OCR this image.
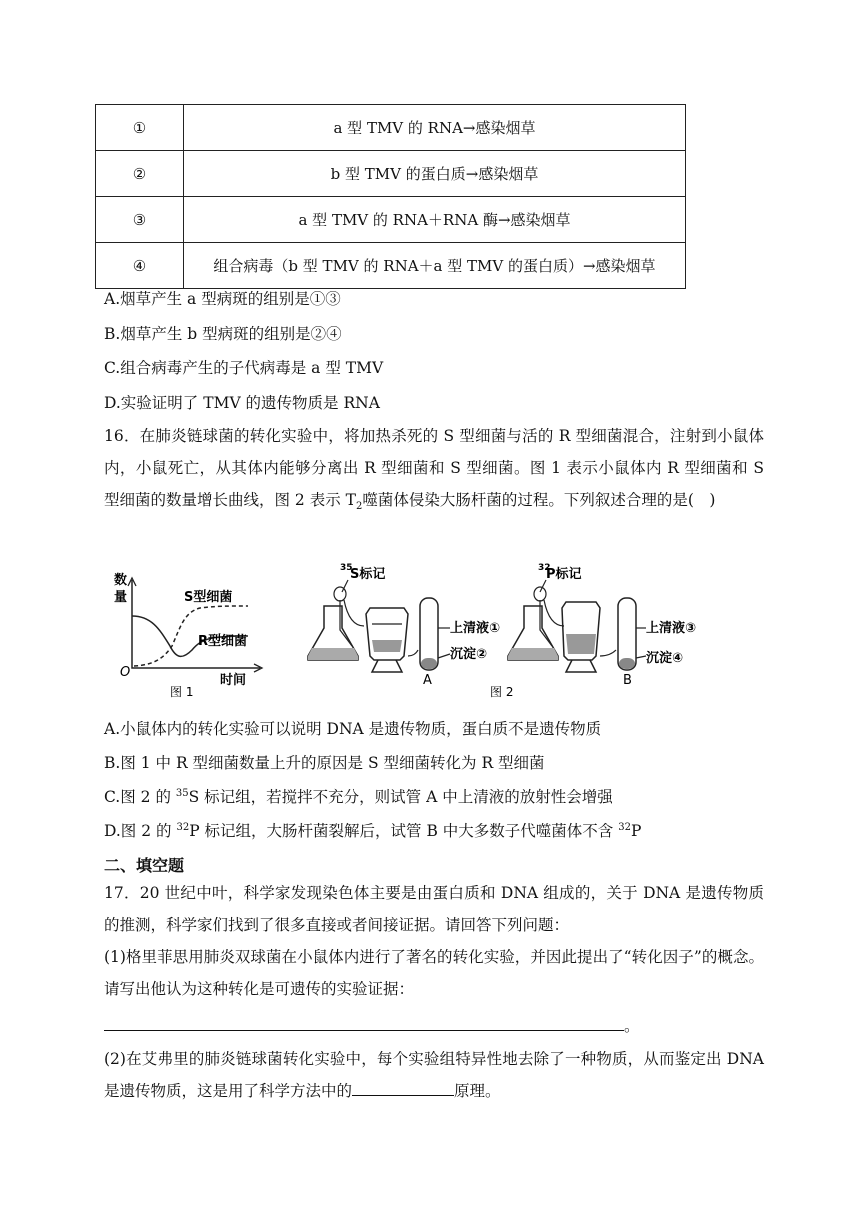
①	a 型 TMV 的 RNA→感染烟草
②	b 型 TMV 的蛋白质→感染烟草
③	a 型 TMV 的 RNA＋RNA 酶→感染烟草
④	组合病毒（b 型 TMV 的 RNA＋a 型 TMV 的蛋白质）→感染烟草
A.烟草产生 a 型病斑的组别是①③
B.烟草产生 b 型病斑的组别是②④
C.组合病毒产生的子代病毒是 a 型 TMV
D.实验证明了 TMV 的遗传物质是 RNA
16．在肺炎链球菌的转化实验中，将加热杀死的 S 型细菌与活的 R 型细菌混合，注射到小鼠体内，小鼠死亡，从其体内能够分离出 R 型细菌和 S 型细菌。图 1 表示小鼠体内 R 型细菌和 S 型细菌的数量增长曲线，图 2 表示 $T_2$噬菌体侵染大肠杆菌的过程。下列叙述合理的是(　)
数
量	S型细菌
R型细菌
O
时间
图 1
35
S标记
上清液①
沉淀②
A
32
P标记
上清液③
沉淀④
B
图 2
A.小鼠体内的转化实验可以说明 DNA 是遗传物质，蛋白质不是遗传物质
B.图 1 中 R 型细菌数量上升的原因是 S 型细菌转化为 R 型细菌
C.图 2 的 $^{35}$S 标记组，若搅拌不充分，则试管 A 中上清液的放射性会增强
D.图 2 的 $^{32}$P 标记组，大肠杆菌裂解后，试管 B 中大多数子代噬菌体不含 $^{32}$P
二、填空题
17．20 世纪中叶，科学家发现染色体主要是由蛋白质和 DNA 组成的，关于 DNA 是遗传物质的推测，科学家们找到了很多直接或者间接证据。请回答下列问题：
(1)格里菲思用肺炎双球菌在小鼠体内进行了著名的转化实验，并因此提出了“转化因子”的概念。请写出他认为这种转化是可遗传的实验证据：
。
(2)在艾弗里的肺炎链球菌转化实验中，每个实验组特异性地去除了一种物质，从而鉴定出 DNA 是遗传物质，这是用了科学方法中的	原理。
